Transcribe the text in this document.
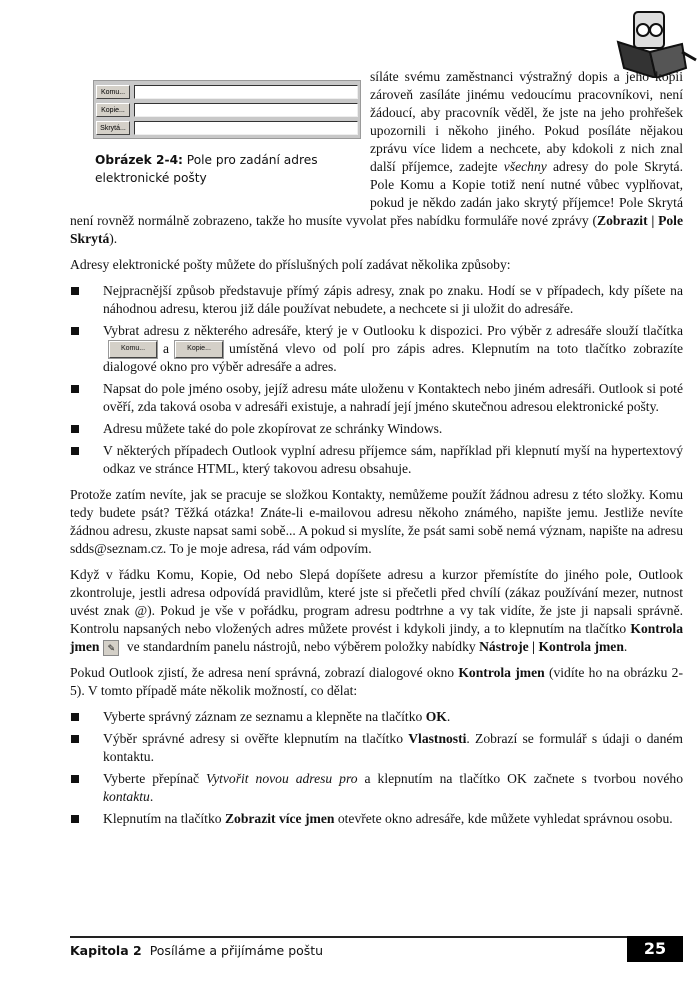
Komu...
Kopie...
Skrytá...
Obrázek 2-4: Pole pro zadání adres elektronické pošty

síláte svému zaměstnanci výstražný dopis a jeho kopii zároveň zasíláte jinému vedoucímu pracovníkovi, není žádoucí, aby pracovník věděl, že jste na jeho prohřešek upozornili i někoho jiného. Pokud posíláte nějakou zprávu více lidem a nechcete, aby kdokoli z nich znal další příjemce, zadejte všechny adresy do pole Skrytá. Pole Komu a Kopie totiž není nutné vůbec vyplňovat, pokud je někdo zadán jako skrytý příjemce! Pole Skrytá není rovněž normálně zobrazeno, takže ho musíte vyvolat přes nabídku formuláře nové zprávy (Zobrazit | Pole Skrytá).

Adresy elektronické pošty můžete do příslušných polí zadávat několika způsoby:

Nejpracnější způsob představuje přímý zápis adresy, znak po znaku. Hodí se v případech, kdy píšete na náhodnou adresu, kterou již dále používat nebudete, a nechcete si ji uložit do adresáře.
Vybrat adresu z některého adresáře, který je v Outlooku k dispozici. Pro výběr z adresáře slouží tlačítkaKomu... a	Kopie... umístěná vlevo od polí pro zápis adres. Klepnutím na toto tlačítko zobrazíte dialogové okno pro výběr adresáře a adres.
Napsat do pole jméno osoby, jejíž adresu máte uloženu v Kontaktech nebo jiném adresáři. Outlook si poté ověří, zda taková osoba v adresáři existuje, a nahradí její jméno skutečnou adresou elektronické pošty.
Adresu můžete také do pole zkopírovat ze schránky Windows.
V některých případech Outlook vyplní adresu příjemce sám, například při klepnutí myší na hypertextový odkaz ve stránce HTML, který takovou adresu obsahuje.

Protože zatím nevíte, jak se pracuje se složkou Kontakty, nemůžeme použít žádnou adresu z této složky. Komu tedy budete psát? Těžká otázka! Znáte-li e-mailovou adresu někoho známého, napište jemu. Jestliže nevíte žádnou adresu, zkuste napsat sami sobě... A pokud si myslíte, že psát sami sobě nemá význam, napište na adresu sdds@seznam.cz. To je moje adresa, rád vám odpovím.

Když v řádku Komu, Kopie, Od nebo Slepá dopíšete adresu a kurzor přemístíte do jiného pole, Outlook zkontroluje, jestli adresa odpovídá pravidlům, které jste si přečetli před chvílí (zákaz používání mezer, nutnost uvést znak @). Pokud je vše v pořádku, program adresu podtrhne a vy tak vidíte, že jste ji napsali správně. Kontrolu napsaných nebo vložených adres můžete provést i kdykoli jindy, a to klepnutím na tlačítko Kontrola jmen ✎ ve standardním panelu nástrojů, nebo výběrem položky nabídky Nástroje | Kontrola jmen.

Pokud Outlook zjistí, že adresa není správná, zobrazí dialogové okno Kontrola jmen (vidíte ho na obrázku 2-5). V tomto případě máte několik možností, co dělat:

Vyberte správný záznam ze seznamu a klepněte na tlačítko OK.
Výběr správné adresy si ověřte klepnutím na tlačítko Vlastnosti. Zobrazí se formulář s údaji o daném kontaktu.
Vyberte přepínač Vytvořit novou adresu pro a klepnutím na tlačítko OK začnete s tvorbou nového kontaktu.
Klepnutím na tlačítko Zobrazit více jmen otevřete okno adresáře, kde můžete vyhledat správnou osobu.
Kapitola 2 Posíláme a přijímáme poštu	25
